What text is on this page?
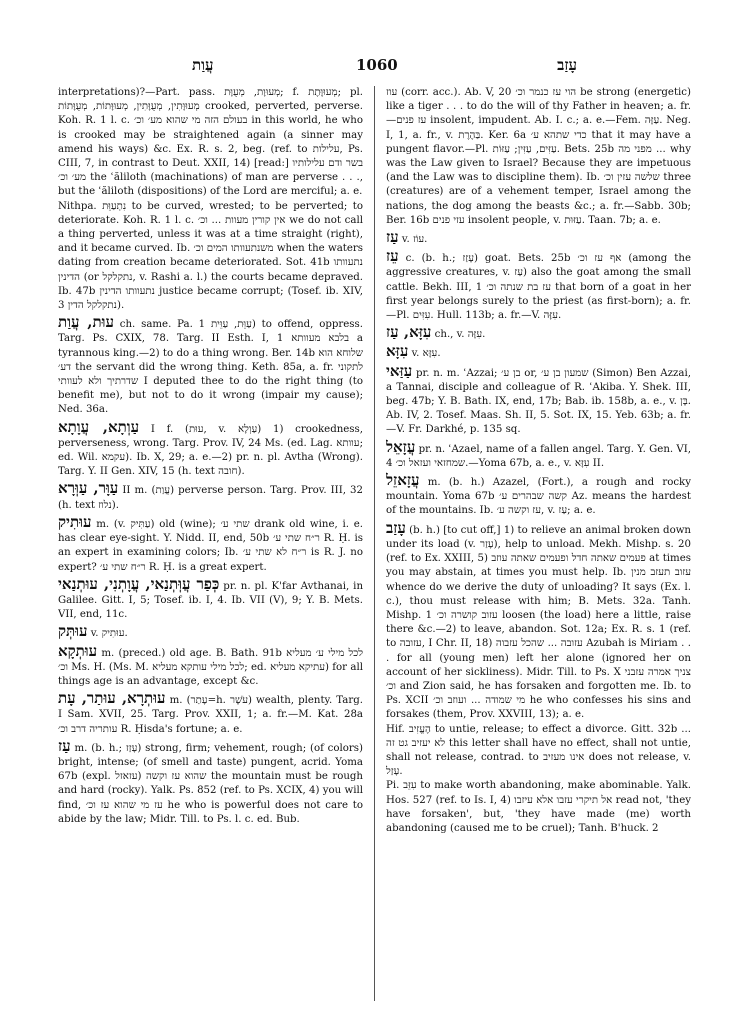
עֲוַת	1060	עָזַב

interpretations)?—Part. pass. מְעוּוָת, מְעֻוָּת; f. מְעוּוֶּתֶת; pl. מְעוּוָּתִין, מְעֻוָּתִין, מְעוּוָּתוֹת, מְעֻוָּתוֹת crooked, perverted, perverse. Koh. R. 1 l. c. בעולם הזה מי שהוא מע׳ וכ׳ in this world, he who is crooked may be straightened again (a sinner may amend his ways) &c. Ex. R. s. 2, beg. (ref. to עלילות, Ps. CIII, 7, in contrast to Deut. XXII, 14) [read:] בשר ודם עלילותיו מע׳ וכ׳ the ʿăliloth (machinations) of man are perverse . . ., but the ʿăliloth (dispositions) of the Lord are merciful; a. e.

Nithpa. נִתְעַוֵּת to be curved, wrested; to be perverted; to deteriorate. Koh. R. 1 l. c. אין קורין מעוות ... וכ׳ we do not call a thing perverted, unless it was at a time straight (right), and it became curved. Ib. משנתעוותו המים וכ׳ when the waters dating from creation became deteriorated. Sot. 41b נתעוותו הדינין (or נתקלקל, v. Rashi a. l.) the courts became depraved. Ib. 47b נתעוותו הדינין justice became corrupt; (Tosef. ib. XIV, 3 נתקלקל הדין).

עוּת, עֲוַת ch. same. Pa. עַוֵּת, עַוֵּית 1) to offend, oppress. Targ. Ps. CXIX, 78. Targ. II Esth. I, 1 בלבא מעוותא a tyrannous king.—2) to do a thing wrong. Ber. 14b שלוחא הוא דע׳ the servant did the wrong thing. Keth. 85a, a. fr. לתקוני שדרתיך ולא לעוותי I deputed thee to do the right thing (to benefit me), but not to do it wrong (impair my cause); Ned. 36a.

עַוְתָא, עֲוָתָא I f. (עוּת, v. עַוְלָא) 1) crookedness, perverseness, wrong. Targ. Prov. IV, 24 Ms. (ed. Lag. עוותא; ed. Wil. עקמא). Ib. X, 29; a. e.—2) pr. n. pl. Avtha (Wrong). Targ. Y. II Gen. XIV, 15 (h. text חובה).

עַוָּר, עַוְּרָא II m. (עֲוַת) perverse person. Targ. Prov. III, 32 (h. text נלוז).

עוּתִיק m. (v. עַתִּיק) old (wine); שתי ע׳ drank old wine, i. e. has clear eye-sight. Y. Nidd. II, end, 50b ר״ח שתי ע׳ R. Ḥ. is an expert in examining colors; Ib. ר״ח לא שתי ע׳ is R. J. no expert? ר״ח שתי ע׳ R. Ḥ. is a great expert.

כְּפַר עֲוְּתְנַאי, עֲוָתְנִי, עוּתְנַאי pr. n. pl. K'far Avthanai, in Galilee. Gitt. I, 5; Tosef. ib. I, 4. Ib. VII (V), 9; Y. B. Mets. VII, end, 11c.

עוּתְּק v. עוּתִיק.

עוּתְקָא m. (preced.) old age. B. Bath. 91b לכל מילי ע׳ מעליא וכ׳ Ms. H. (Ms. M. לכל מילי עותקא מעליא; ed. עתיקא מעליא) for all things age is an advantage, except &c.

עוּתְרָא, עוּתַר, עָת m. (עָתַר=h. עֹשֶׁר) wealth, plenty. Targ. I Sam. XVII, 25. Targ. Prov. XXII, 1; a. fr.—M. Kat. 28a עותריה דרב וכ׳ R. Ḥisda's fortune; a. e.

עַז m. (b. h.; עָזַז) strong, firm; vehement, rough; (of colors) bright, intense; (of smell and taste) pungent, acrid. Yoma 67b (expl. עזאזל) שהוא עז וקשה the mountain must be rough and hard (rocky). Yalk. Ps. 852 (ref. to Ps. XCIX, 4) you will find, עז מי שהוא עז וכ׳ he who is powerful does not care to abide by the law; Midr. Till. to Ps. l. c. ed. Bub.

עוז (corr. acc.). Ab. V, 20 הוי עז כנמר וכ׳ be strong (energetic) like a tiger . . . to do the will of thy Father in heaven; a. fr.—עז פנים insolent, impudent. Ab. I. c.; a. e.—Fem. עַזָּה. Neg. I, 1, a. fr., v. בַּהֶרֶת. Ker. 6a כדי שתהא ע׳ that it may have a pungent flavor.—Pl. עַזִּים, עַזִּין; עַזּוֹת. Bets. 25b מפני מה ... why was the Law given to Israel? Because they are impetuous (and the Law was to discipline them). Ib. שלשה עזין וכ׳ three (creatures) are of a vehement temper, Israel among the nations, the dog among the beasts &c.; a. fr.—Sabb. 30b; Ber. 16b עזי פנים insolent people, v. עַזּוּת. Taan. 7b; a. e.

עַז v. עוֹז.

עֵז c. (b. h.; עָזַז) goat. Bets. 25b אף עז וכ׳ (among the aggressive creatures, v. עַז) also the goat among the small cattle. Bekh. III, 1 עז בת שנתה וכ׳ that born of a goat in her first year belongs surely to the priest (as first-born); a. fr.—Pl. עִזִּים. Hull. 113b; a. fr.—V. עִזָּה.

עִזָּא, עַז ch., v. עִזָּה.

עִזָּא v. עִזָּא.

עַזַּאי pr. n. m. ʿAzzai; בן ע׳ or, שמעון בן ע׳ (Simon) Ben Azzai, a Tannai, disciple and colleague of R. ʿAkiba. Y. Shek. III, beg. 47b; Y. B. Bath. IX, end, 17b; Bab. ib. 158b, a. e., v. בֶּן. Ab. IV, 2. Tosef. Maas. Sh. II, 5. Sot. IX, 15. Yeb. 63b; a. fr.—V. Fr. Darkhé, p. 135 sq.

עֲזָאֵל pr. n. ʿAzael, name of a fallen angel. Targ. Y. Gen. VI, 4 שמחזאי ועזאל וכ׳.—Yoma 67b, a. e., v. עִזָּא II.

עֲזָאזֵל m. (b. h.) Azazel, (Fort.), a rough and rocky mountain. Yoma 67b קשה שבהרים ע׳ Az. means the hardest of the mountains. Ib. עז וקשה ע׳, v. עַז; a. e.

עָזַב (b. h.) [to cut off,] 1) to relieve an animal broken down under its load (v. עָזַר), help to unload. Mekh. Mishp. s. 20 (ref. to Ex. XXIII, 5) פעמים שאתה חדל ופעמים שאתה עוזב at times you may abstain, at times you must help. Ib. עזוב תעזב מנין whence do we derive the duty of unloading? It says (Ex. l. c.), thou must release with him; B. Mets. 32a. Tanh. Mishp. 1 עזוב קושרה וכ׳ loosen (the load) here a little, raise there &c.—2) to leave, abandon. Sot. 12a; Ex. R. s. 1 (ref. to עזובה, I Chr. II, 18) עזובה ... שהכל עזבוה Azubah is Miriam . . . for all (young men) left her alone (ignored her on account of her sickliness). Midr. Till. to Ps. X צניך אמרה עזבני וכ׳ and Zion said, he has forsaken and forgotten me. Ib. to Ps. XCII מי שמודה ... ועוזב וכ׳ he who confesses his sins and forsakes (them, Prov. XXVIII, 13); a. e.

Hif. הֶעֱזִיב to untie, release; to effect a divorce. Gitt. 32b ... לא יעזיב גט זה this letter shall have no effect, shall not untie, shall not release, contrad. to אינו מעזיב does not release, v. עָזַל.

Pi. עִזֵּב to make worth abandoning, make abominable. Yalk. Hos. 527 (ref. to Is. I, 4) אל תיקרי עזבו אלא עיזבו read not, 'they have forsaken', but, 'they have made (me) worth abandoning (caused me to be cruel); Tanh. B'huck. 2
